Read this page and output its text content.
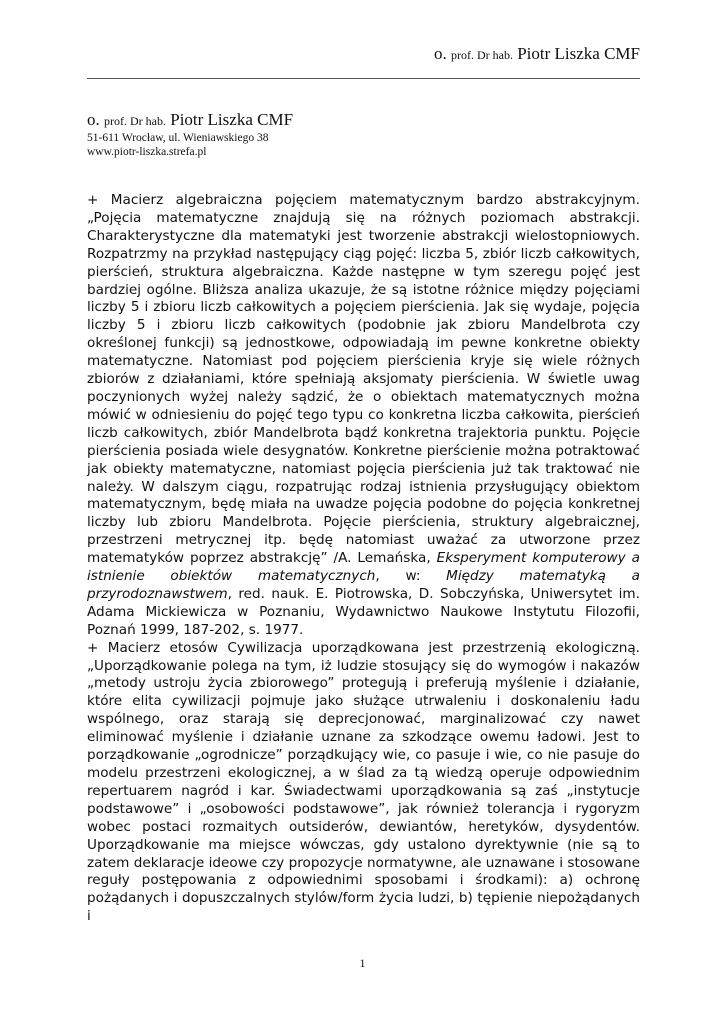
o. prof. Dr hab. Piotr Liszka CMF
o. prof. Dr hab. Piotr Liszka CMF
51-611 Wrocław, ul. Wieniawskiego 38
www.piotr-liszka.strefa.pl

+ Macierz algebraiczna pojęciem matematycznym bardzo abstrakcyjnym. „Pojęcia matematyczne znajdują się na różnych poziomach abstrakcji. Charakterystyczne dla matematyki jest tworzenie abstrakcji wielostopniowych. Rozpatrzmy na przykład następujący ciąg pojęć: liczba 5, zbiór liczb całkowitych, pierścień, struktura algebraiczna. Każde następne w tym szeregu pojęć jest bardziej ogólne. Bliższa analiza ukazuje, że są istotne różnice między pojęciami liczby 5 i zbioru liczb całkowitych a pojęciem pierścienia. Jak się wydaje, pojęcia liczby 5 i zbioru liczb całkowitych (podobnie jak zbioru Mandelbrota czy określonej funkcji) są jednostkowe, odpowiadają im pewne konkretne obiekty matematyczne. Natomiast pod pojęciem pierścienia kryje się wiele różnych zbiorów z działaniami, które spełniają aksjomaty pierścienia. W świetle uwag poczynionych wyżej należy sądzić, że o obiektach matematycznych można mówić w odniesieniu do pojęć tego typu co konkretna liczba całkowita, pierścień liczb całkowitych, zbiór Mandelbrota bądź konkretna trajektoria punktu. Pojęcie pierścienia posiada wiele desygnatów. Konkretne pierścienie można potraktować jak obiekty matematyczne, natomiast pojęcia pierścienia już tak traktować nie należy. W dalszym ciągu, rozpatrując rodzaj istnienia przysługujący obiektom matematycznym, będę miała na uwadze pojęcia podobne do pojęcia konkretnej liczby lub zbioru Mandelbrota. Pojęcie pierścienia, struktury algebraicznej, przestrzeni metrycznej itp. będę natomiast uważać za utworzone przez matematyków poprzez abstrakcję” /A. Lemańska, Eksperyment komputerowy a istnienie obiektów matematycznych, w: Między matematyką a przyrodoznawstwem, red. nauk. E. Piotrowska, D. Sobczyńska, Uniwersytet im. Adama Mickiewicza w Poznaniu, Wydawnictwo Naukowe Instytutu Filozofii, Poznań 1999, 187-202, s. 1977.

+ Macierz etosów Cywilizacja uporządkowana jest przestrzenią ekologiczną. „Uporządkowanie polega na tym, iż ludzie stosujący się do wymogów i nakazów „metody ustroju życia zbiorowego” protegują i preferują myślenie i działanie, które elita cywilizacji pojmuje jako służące utrwaleniu i doskonaleniu ładu wspólnego, oraz starają się deprecjonować, marginalizować czy nawet eliminować myślenie i działanie uznane za szkodzące owemu ładowi. Jest to porządkowanie „ogrodnicze” porządkujący wie, co pasuje i wie, co nie pasuje do modelu przestrzeni ekologicznej, a w ślad za tą wiedzą operuje odpowiednim repertuarem nagród i kar. Świadectwami uporządkowania są zaś „instytucje podstawowe” i „osobowości podstawowe”, jak również tolerancja i rygoryzm wobec postaci rozmaitych outsiderów, dewiantów, heretyków, dysydentów. Uporządkowanie ma miejsce wówczas, gdy ustalono dyrektywnie (nie są to zatem deklaracje ideowe czy propozycje normatywne, ale uznawane i stosowane reguły postępowania z odpowiednimi sposobami i środkami): a) ochronę pożądanych i dopuszczalnych stylów/form życia ludzi, b) tępienie niepożądanych i

1
